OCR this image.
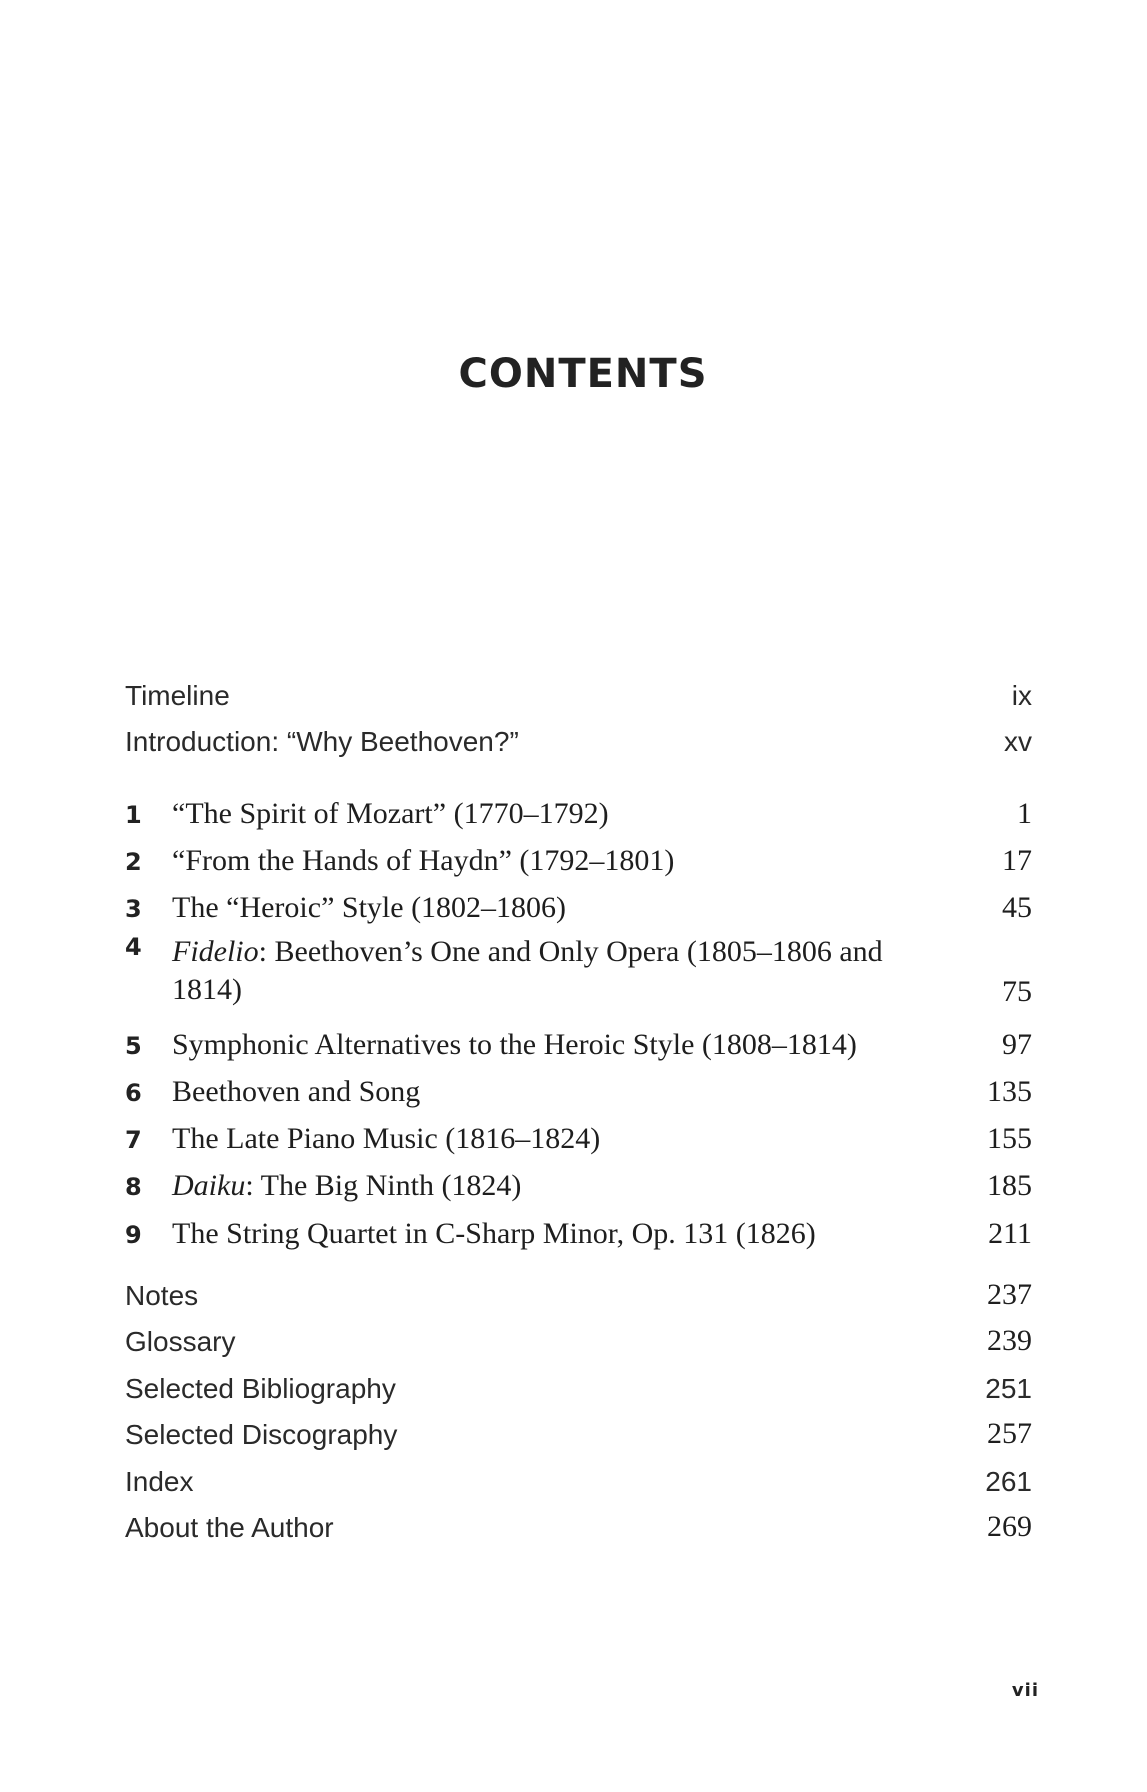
CONTENTS
Timeline	ix
Introduction: “Why Beethoven?”	xv
1 “The Spirit of Mozart” (1770–1792)	1
2 “From the Hands of Haydn” (1792–1801)	17
3 The “Heroic” Style (1802–1806)	45
4 Fidelio: Beethoven’s One and Only Opera (1805–1806 and 1814)	75
5 Symphonic Alternatives to the Heroic Style (1808–1814)	97
6 Beethoven and Song	135
7 The Late Piano Music (1816–1824)	155
8 Daiku: The Big Ninth (1824)	185
9 The String Quartet in C-Sharp Minor, Op. 131 (1826)	211
Notes	237
Glossary	239
Selected Bibliography	251
Selected Discography	257
Index	261
About the Author	269
vii
